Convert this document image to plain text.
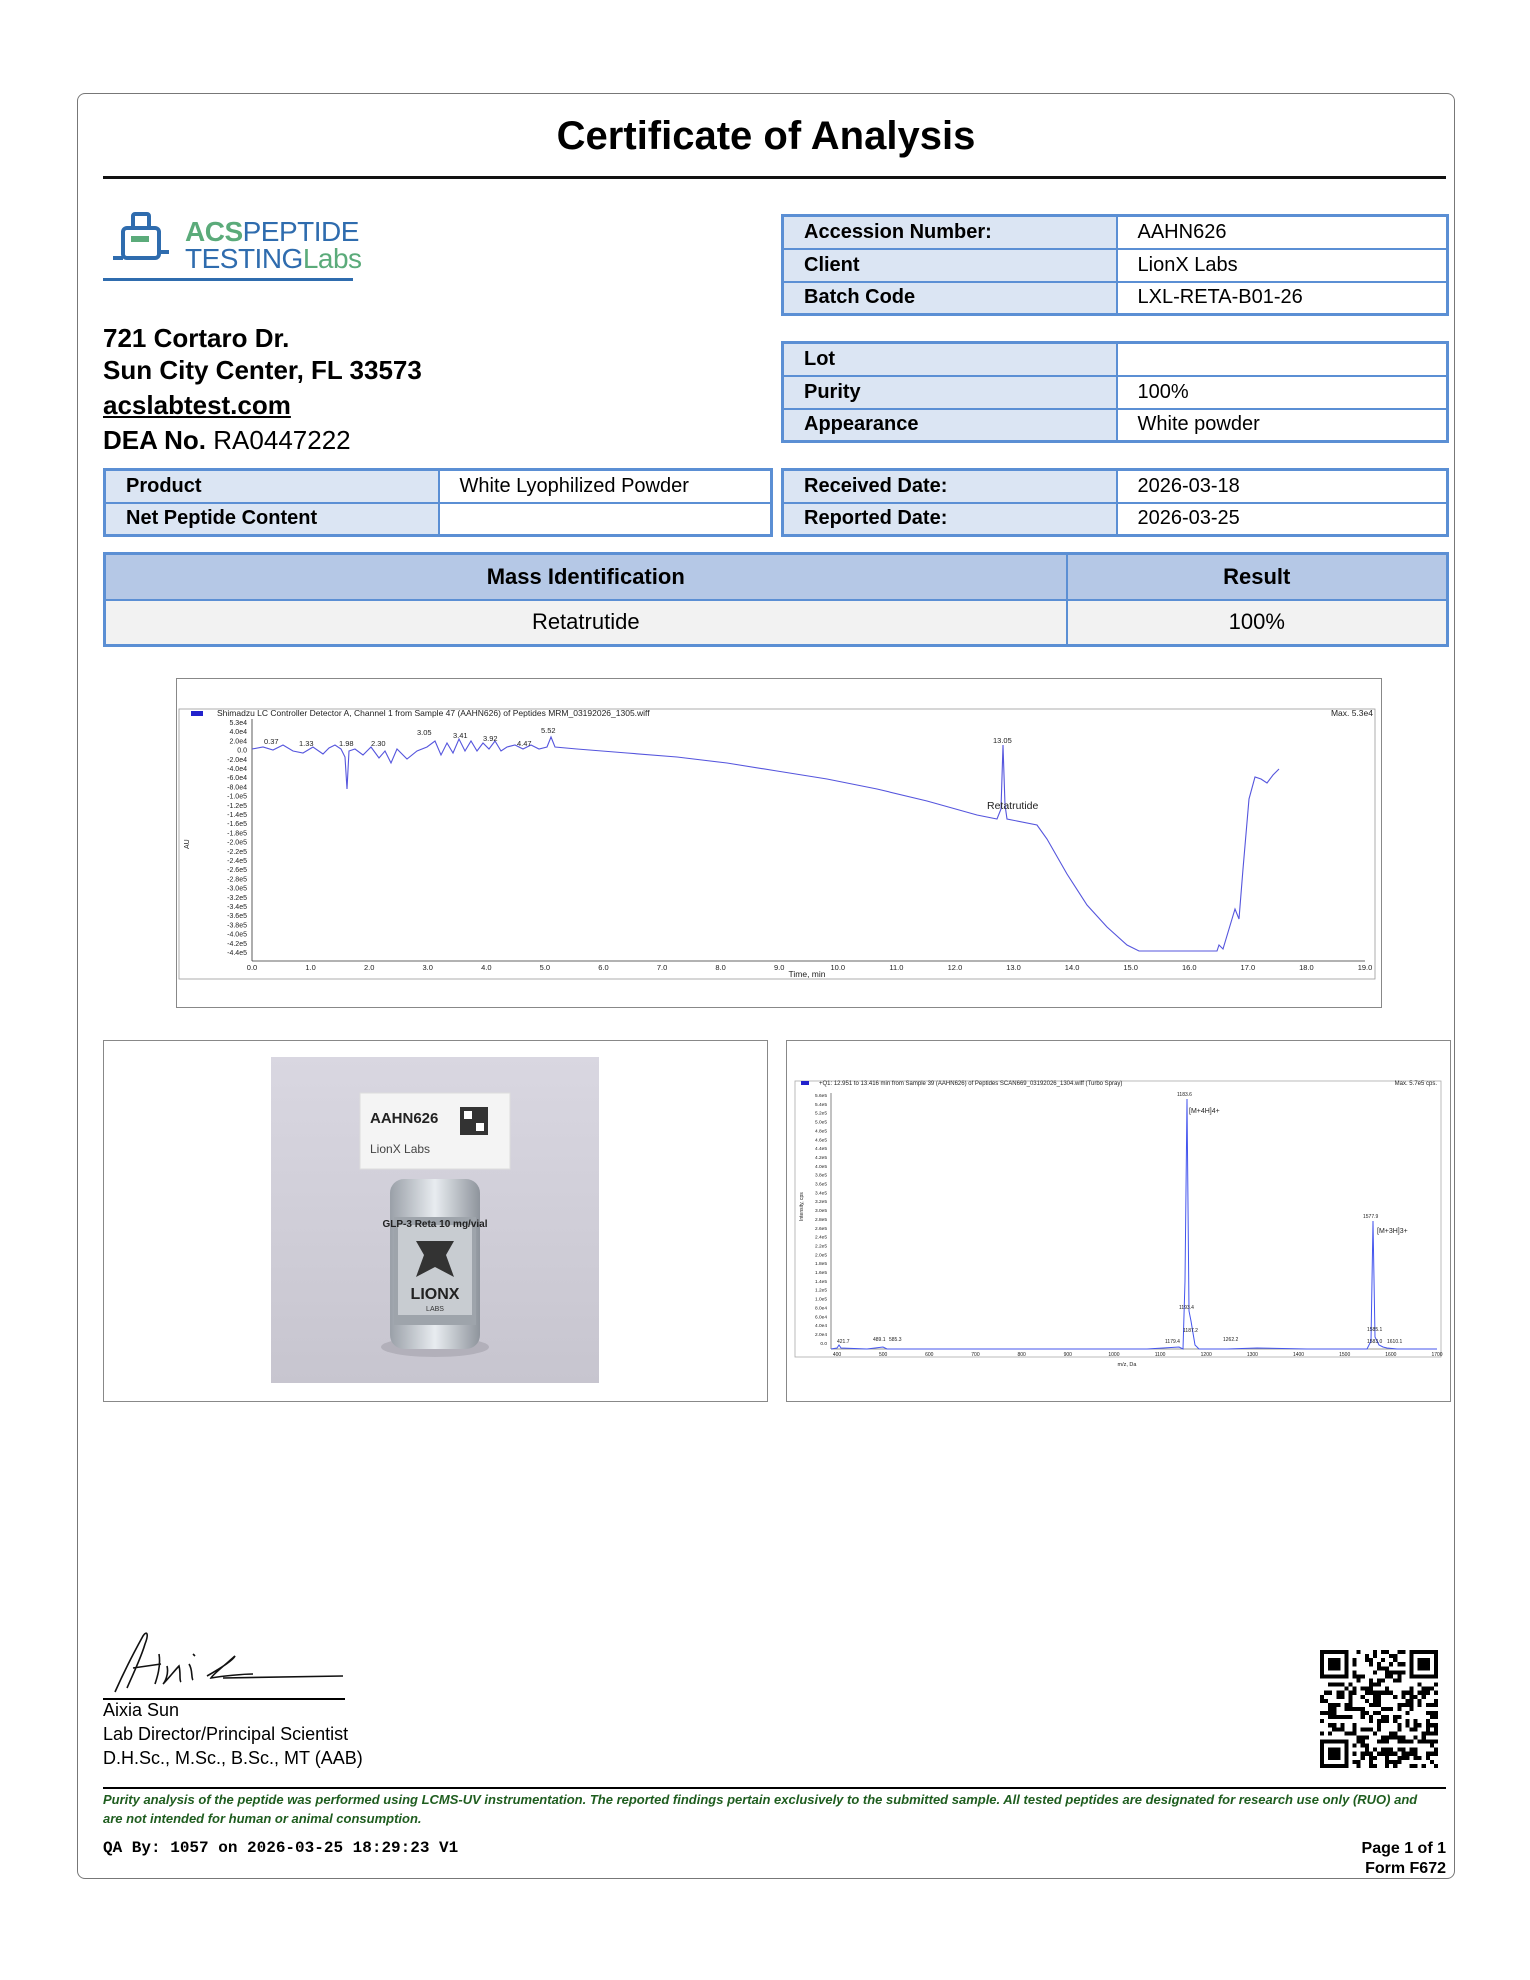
Certificate of Analysis
ACSPEPTIDE
TESTINGLabs
721 Cortaro Dr.
Sun City Center, FL 33573
acslabtest.com
DEA No. RA0447222
Accession Number:	AAHN626
Client	LionX Labs
Batch Code	LXL-RETA-B01-26
Lot	
Purity	100%
Appearance	White powder
Product	White Lyophilized Powder
Net Peptide Content	
Received Date:	2026-03-18
Reported Date:	2026-03-25
Mass Identification	Result
Retatrutide	100%
Shimadzu LC Controller Detector A, Channel 1 from Sample 47 (AAHN626) of Peptides MRM_03192026_1305.wiff	Max. 5.3e4
5.3e4
4.0e4
2.0e4
0.0
-2.0e4
-4.0e4
-6.0e4
-8.0e4
-1.0e5
-1.2e5
-1.4e5
-1.6e5
-1.8e5
-2.0e5
-2.2e5
-2.4e5
-2.6e5
-2.8e5
-3.0e5
-3.2e5
-3.4e5
-3.6e5
-3.8e5
-4.0e5
-4.2e5
-4.4e5
0.0	1.0	2.0	3.0	4.0	5.0	6.0	7.0	8.0	9.0	10.0	11.0	12.0	13.0	14.0	15.0	16.0	17.0	18.0	19.0
AU
Time, min
Retatrutide
0.37	1.33	1.98 2.30
3.05	3.41 3.92
4.47
5.52
13.05
GLP-3 Reta 10 mg/vial
LIONX
LABS
AAHN626
LionX Labs
+Q1: 12.951 to 13.416 min from Sample 39 (AAHN626) of Peptides SCAN669_03192026_1304.wiff (Turbo Spray)	Max. 5.7e5 cps.
5.6e5
5.4e5
5.2e5
5.0e5
4.8e5
4.6e5
4.4e5
4.2e5
4.0e5
3.8e5
3.6e5
3.4e5
3.2e5
3.0e5
2.8e5
2.6e5
2.4e5
2.2e5
2.0e5
1.8e5
1.6e5
1.4e5
1.2e5
1.0e5
8.0e4
6.0e4
4.0e4
2.0e4
0.0
400	500	600	700	800	900	1000	1100	1200	1300	1400	1500	1600	1700
Intensity, cps
m/z, Da
[M+4H]4+
[M+3H]3+
1183.6
1577.9
1193.4
1187.2
1179.4	1262.2
1585.1
1583.0 1610.1
421.7	489.1 585.3
Aixia Sun
Lab Director/Principal Scientist
D.H.Sc., M.Sc., B.Sc., MT (AAB)
Purity analysis of the peptide was performed using LCMS-UV instrumentation. The reported findings pertain exclusively to the submitted sample. All tested peptides are designated for research use only (RUO) and are not intended for human or animal consumption.
QA By: 1057 on 2026-03-25 18:29:23 V1	Page 1 of 1
Form F672
